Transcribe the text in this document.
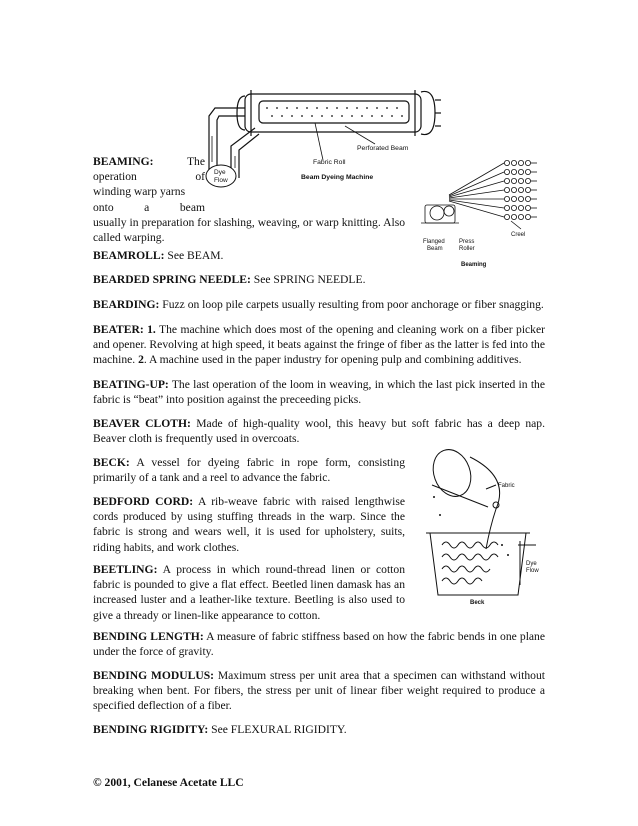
Perforated Beam
Fabric Roll
Beam Dyeing Machine
Dye
Flow
Creel
Flanged
Beam
Press
Roller
Beaming
Fabric
Dye
Flow
Beck
BEAMING:	The
operation	of
winding warp yarns
onto	a	beam

usually in preparation for slashing, weaving, or warp knitting. Also called warping.

BEAMROLL: See BEAM.

BEARDED SPRING NEEDLE: See SPRING NEEDLE.

BEARDING: Fuzz on loop pile carpets usually resulting from poor anchorage or fiber snagging.

BEATER: 1. The machine which does most of the opening and cleaning work on a fiber picker and opener. Revolving at high speed, it beats against the fringe of fiber as the latter is fed into the machine. 2. A machine used in the paper industry for opening pulp and combining additives.

BEATING-UP: The last operation of the loom in weaving, in which the last pick inserted in the fabric is “beat” into position against the preceeding picks.

BEAVER CLOTH: Made of high-quality wool, this heavy but soft fabric has a deep nap. Beaver cloth is frequently used in overcoats.

BECK: A vessel for dyeing fabric in rope form, consisting primarily of a tank and a reel to advance the fabric.

BEDFORD CORD: A rib-weave fabric with raised lengthwise cords produced by using stuffing threads in the warp. Since the fabric is strong and wears well, it is used for upholstery, suits, riding habits, and work clothes.

BEETLING: A process in which round-thread linen or cotton fabric is pounded to give a flat effect. Beetled linen damask has an increased luster and a leather-like texture. Beetling is also used to give a thready or linen-like appearance to cotton.

BENDING LENGTH: A measure of fabric stiffness based on how the fabric bends in one plane under the force of gravity.

BENDING MODULUS: Maximum stress per unit area that a specimen can withstand without breaking when bent. For fibers, the stress per unit of linear fiber weight required to produce a specified deflection of a fiber.

BENDING RIGIDITY: See FLEXURAL RIGIDITY.

© 2001, Celanese Acetate LLC
